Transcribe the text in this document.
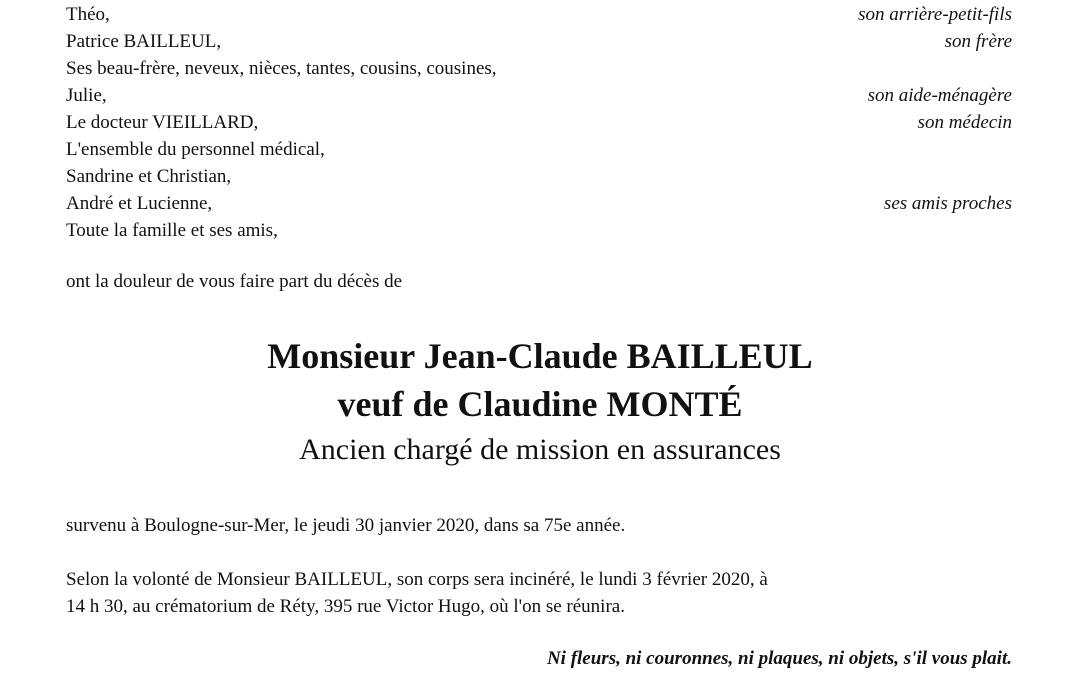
Théo,	son arrière-petit-fils
Patrice BAILLEUL,	son frère
Ses beau-frère, neveux, nièces, tantes, cousins, cousines,
Julie,	son aide-ménagère
Le docteur VIEILLARD,	son médecin
L'ensemble du personnel médical,
Sandrine et Christian,
André et Lucienne,	ses amis proches
Toute la famille et ses amis,
ont la douleur de vous faire part du décès de
Monsieur Jean-Claude BAILLEUL
veuf de Claudine MONTÉ
Ancien chargé de mission en assurances
survenu à Boulogne-sur-Mer, le jeudi 30 janvier 2020, dans sa 75e année.
Selon la volonté de Monsieur BAILLEUL, son corps sera incinéré, le lundi 3 février 2020, à
14 h 30, au crématorium de Réty, 395 rue Victor Hugo, où l'on se réunira.
Ni fleurs, ni couronnes, ni plaques, ni objets, s'il vous plait.
